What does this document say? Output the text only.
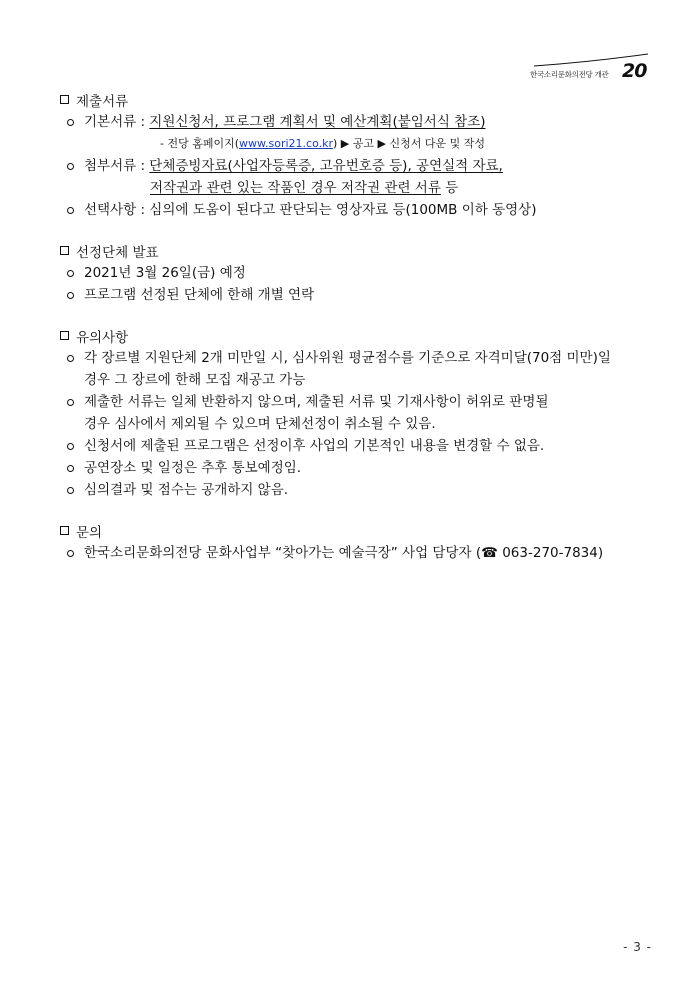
한국소리문화의전당 개관 20
제출서류
기본서류 : 지원신청서, 프로그램 계획서 및 예산계획(붙임서식 참조)
- 전당 홈페이지(www.sori21.co.kr) ▶ 공고 ▶ 신청서 다운 및 작성
첨부서류 : 단체증빙자료(사업자등록증, 고유번호증 등), 공연실적 자료,
저작권과 관련 있는 작품인 경우 저작권 관련 서류 등
선택사항 : 심의에 도움이 된다고 판단되는 영상자료 등(100MB 이하 동영상)
선정단체 발표
2021년 3월 26일(금) 예정
프로그램 선정된 단체에 한해 개별 연락
유의사항
각 장르별 지원단체 2개 미만일 시, 심사위원 평균점수를 기준으로 자격미달(70점 미만)일
경우 그 장르에 한해 모집 재공고 가능
제출한 서류는 일체 반환하지 않으며, 제출된 서류 및 기재사항이 허위로 판명될
경우 심사에서 제외될 수 있으며 단체선정이 취소될 수 있음.
신청서에 제출된 프로그램은 선정이후 사업의 기본적인 내용을 변경할 수 없음.
공연장소 및 일정은 추후 통보예정임.
심의결과 및 점수는 공개하지 않음.
문의
한국소리문화의전당 문화사업부 “찾아가는 예술극장” 사업 담당자 (☎ 063-270-7834)
- 3 -
